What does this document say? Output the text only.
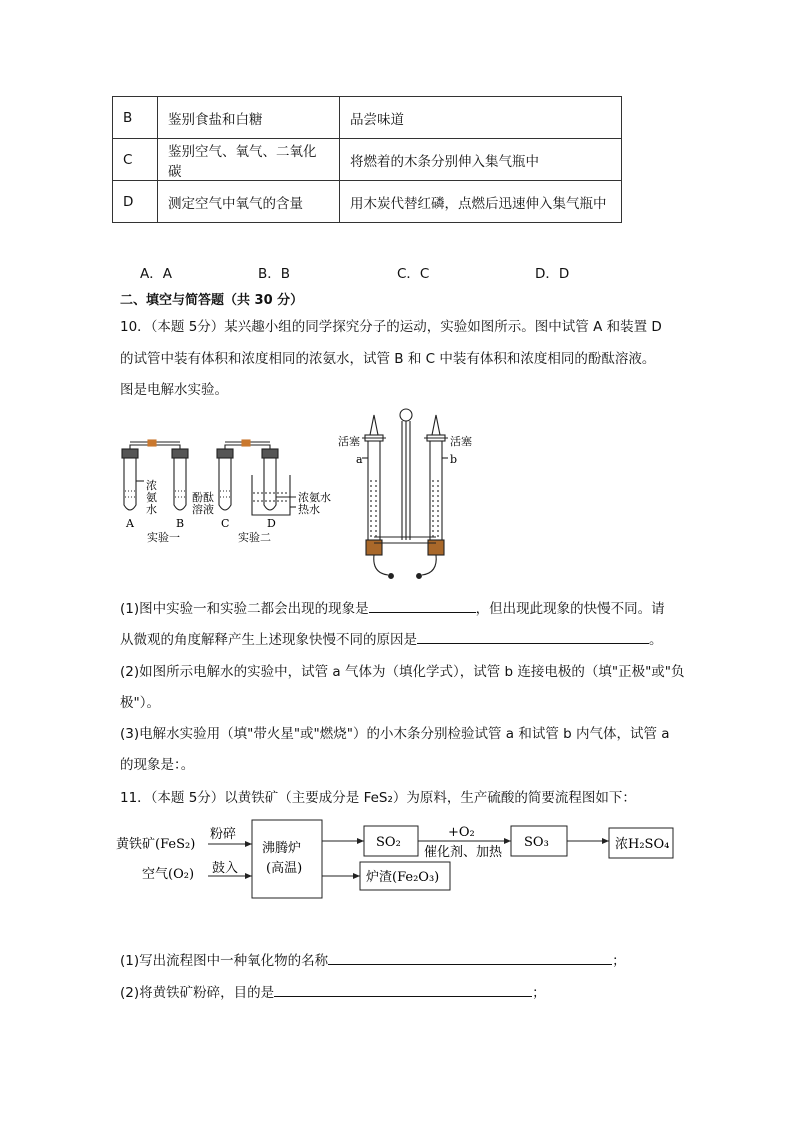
B	鉴别食盐和白糖	品尝味道
C	鉴别空气、氧气、二氧化碳	将燃着的木条分别伸入集气瓶中
D	测定空气中氧气的含量	用木炭代替红磷，点燃后迅速伸入集气瓶中
A．A	B．B	C．C	D．D
二、填空与简答题（共 30 分）
10．（本题 5分）某兴趣小组的同学探究分子的运动，实验如图所示。图中试管 A 和装置 D
的试管中装有体积和浓度相同的浓氨水，试管 B 和 C 中装有体积和浓度相同的酚酞溶液。
图是电解水实验。
浓
氨
水
酚酞
溶液
A	B	C	D
浓氨水
热水
实验一	实验二
活塞	活塞
a	b
(1)图中实验一和实验二都会出现的现象是	，但出现此现象的快慢不同。请
从微观的角度解释产生上述现象快慢不同的原因是	。
(2)如图所示电解水的实验中，试管 a 气体为（填化学式），试管 b 连接电极的（填"正极"或"负
极"）。
(3)电解水实验用（填"带火星"或"燃烧"）的小木条分别检验试管 a 和试管 b 内气体，试管 a
的现象是：。
11．（本题 5分）以黄铁矿（主要成分是 FeS₂）为原料，生产硫酸的简要流程图如下：
黄铁矿(FeS₂)
粉碎
空气(O₂) 鼓入
沸腾炉
(高温)
SO₂
+O₂
催化剂、加热
SO₃	浓H₂SO₄
炉渣(Fe₂O₃)
(1)写出流程图中一种氧化物的名称	；
(2)将黄铁矿粉碎，目的是	；
